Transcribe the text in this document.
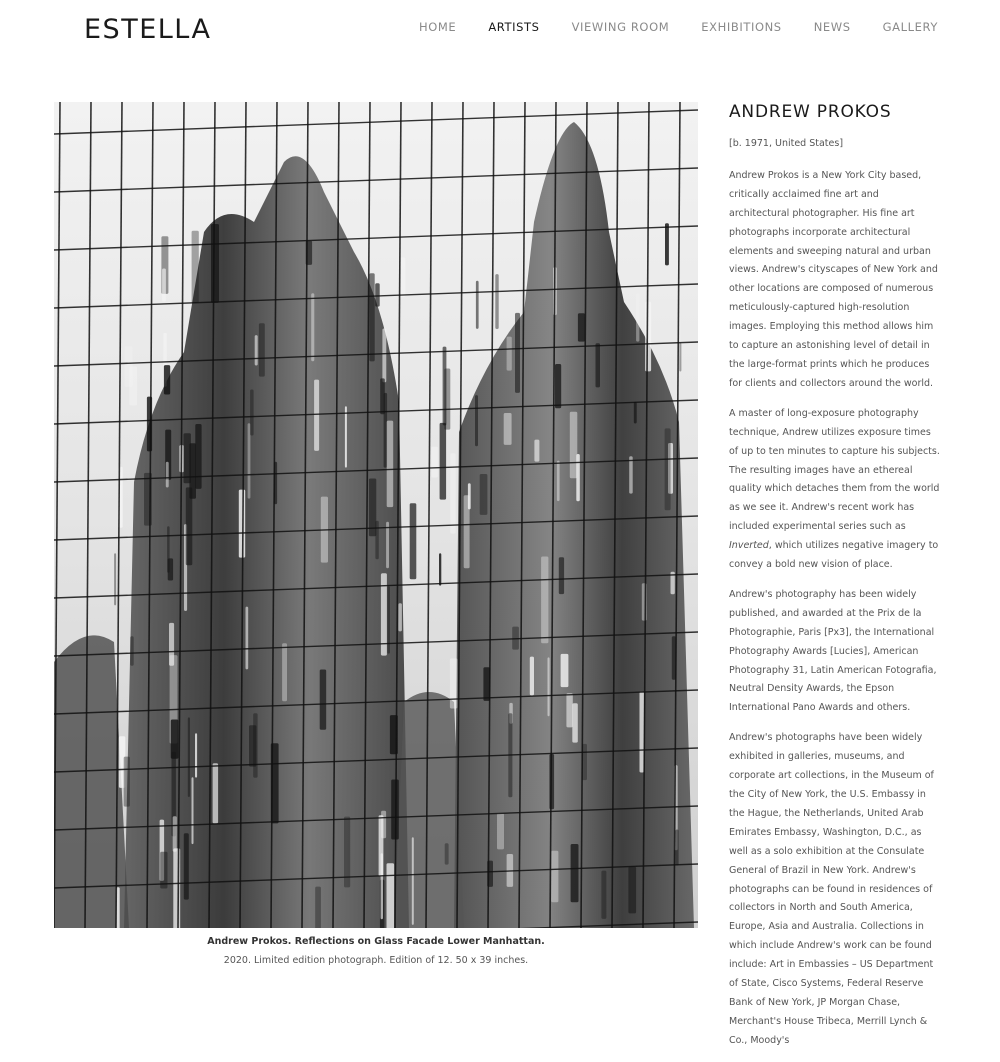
ESTELLA	HOME	ARTISTS	VIEWING ROOM	EXHIBITIONS	NEWS	GALLERY
Andrew Prokos. Reflections on Glass Facade Lower Manhattan.
2020. Limited edition photograph. Edition of 12. 50 x 39 inches.
ANDREW PROKOS
[b. 1971, United States]

Andrew Prokos is a New York City based, critically acclaimed fine art and architectural photographer. His fine art photographs incorporate architectural elements and sweeping natural and urban views. Andrew's cityscapes of New York and other locations are composed of numerous meticulously-captured high-resolution images. Employing this method allows him to capture an astonishing level of detail in the large-format prints which he produces for clients and collectors around the world.

A master of long-exposure photography technique, Andrew utilizes exposure times of up to ten minutes to capture his subjects. The resulting images have an ethereal quality which detaches them from the world as we see it. Andrew's recent work has included experimental series such as Inverted, which utilizes negative imagery to convey a bold new vision of place.

Andrew's photography has been widely published, and awarded at the Prix de la Photographie, Paris [Px3], the International Photography Awards [Lucies], American Photography 31, Latin American Fotografia, Neutral Density Awards, the Epson International Pano Awards and others.

Andrew's photographs have been widely exhibited in galleries, museums, and corporate art collections, in the Museum of the City of New York, the U.S. Embassy in the Hague, the Netherlands, United Arab Emirates Embassy, Washington, D.C., as well as a solo exhibition at the Consulate General of Brazil in New York. Andrew's photographs can be found in residences of collectors in North and South America, Europe, Asia and Australia. Collections in which include Andrew's work can be found include: Art in Embassies – US Department of State, Cisco Systems, Federal Reserve Bank of New York, JP Morgan Chase, Merchant's House Tribeca, Merrill Lynch & Co., Moody's
